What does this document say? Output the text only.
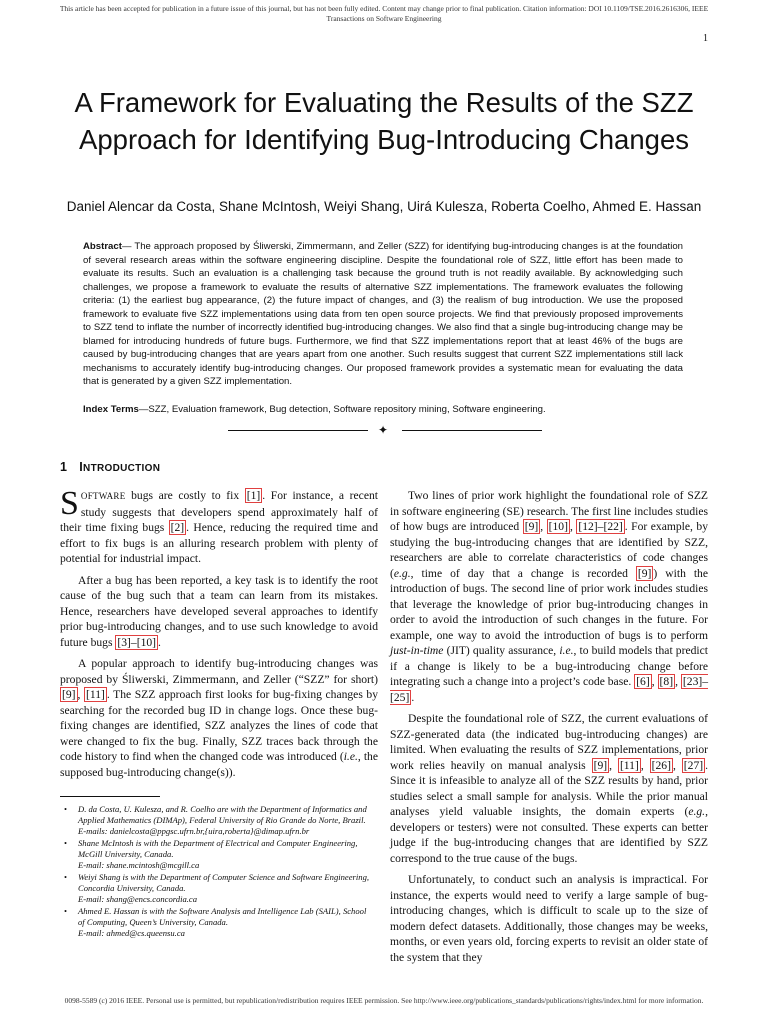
This article has been accepted for publication in a future issue of this journal, but has not been fully edited. Content may change prior to final publication. Citation information: DOI 10.1109/TSE.2016.2616306, IEEE
Transactions on Software Engineering
1
A Framework for Evaluating the Results of the SZZ Approach for Identifying Bug-Introducing Changes
Daniel Alencar da Costa, Shane McIntosh, Weiyi Shang, Uirá Kulesza, Roberta Coelho, Ahmed E. Hassan
Abstract— The approach proposed by Śliwerski, Zimmermann, and Zeller (SZZ) for identifying bug-introducing changes is at the foundation of several research areas within the software engineering discipline. Despite the foundational role of SZZ, little effort has been made to evaluate its results. Such an evaluation is a challenging task because the ground truth is not readily available. By acknowledging such challenges, we propose a framework to evaluate the results of alternative SZZ implementations. The framework evaluates the following criteria: (1) the earliest bug appearance, (2) the future impact of changes, and (3) the realism of bug introduction. We use the proposed framework to evaluate five SZZ implementations using data from ten open source projects. We find that previously proposed improvements to SZZ tend to inflate the number of incorrectly identified bug-introducing changes. We also find that a single bug-introducing change may be blamed for introducing hundreds of future bugs. Furthermore, we find that SZZ implementations report that at least 46% of the bugs are caused by bug-introducing changes that are years apart from one another. Such results suggest that current SZZ implementations still lack mechanisms to accurately identify bug-introducing changes. Our proposed framework provides a systematic mean for evaluating the data that is generated by a given SZZ implementation.
Index Terms—SZZ, Evaluation framework, Bug detection, Software repository mining, Software engineering.
✦
1 INTRODUCTION

SOFTWARE bugs are costly to fix [1] . For instance, a recent study suggests that developers spend approximately half of their time fixing bugs [2] . Hence, reducing the required time and effort to fix bugs is an alluring research problem with plenty of potential for industrial impact.

After a bug has been reported, a key task is to identify the root cause of the bug such that a team can learn from its mistakes. Hence, researchers have developed several approaches to identify prior bug-introducing changes, and to use such knowledge to avoid future bugs [3]–[10] .

A popular approach to identify bug-introducing changes was proposed by Śliwerski, Zimmermann, and Zeller (“SZZ” for short) [9] , [11] . The SZZ approach first looks for bug-fixing changes by searching for the recorded bug ID in change logs. Once these bug-fixing changes are identified, SZZ analyzes the lines of code that were changed to fix the bug. Finally, SZZ traces back through the code history to find when the changed code was introduced (i.e., the supposed bug-introducing change(s)).

• D. da Costa, U. Kulesza, and R. Coelho are with the Department of Informatics and Applied Mathematics (DIMAp), Federal University of Rio Grande do Norte, Brazil.
E-mails: danielcosta@ppgsc.ufrn.br,{uira,roberta}@dimap.ufrn.br
• Shane McIntosh is with the Department of Electrical and Computer Engineering, McGill University, Canada.
E-mail: shane.mcintosh@mcgill.ca
• Weiyi Shang is with the Department of Computer Science and Software Engineering, Concordia University, Canada.
E-mail: shang@encs.concordia.ca
• Ahmed E. Hassan is with the Software Analysis and Intelligence Lab (SAIL), School of Computing, Queen’s University, Canada.
E-mail: ahmed@cs.queensu.ca

Two lines of prior work highlight the foundational role of SZZ in software engineering (SE) research. The first line includes studies of how bugs are introduced [9] , [10] , [12]–[22] . For example, by studying the bug-introducing changes that are identified by SZZ, researchers are able to correlate characteristics of code changes (e.g., time of day that a change is recorded [9] ) with the introduction of bugs. The second line of prior work includes studies that leverage the knowledge of prior bug-introducing changes in order to avoid the introduction of such changes in the future. For example, one way to avoid the introduction of bugs is to perform just-in-time (JIT) quality assurance, i.e., to build models that predict if a change is likely to be a bug-introducing change before integrating such a change into a project’s code base. [6] , [8] , [23]–[25] .

Despite the foundational role of SZZ, the current evaluations of SZZ-generated data (the indicated bug-introducing changes) are limited. When evaluating the results of SZZ implementations, prior work relies heavily on manual analysis [9] , [11] , [26] , [27] . Since it is infeasible to analyze all of the SZZ results by hand, prior studies select a small sample for analysis. While the prior manual analyses yield valuable insights, the domain experts (e.g., developers or testers) were not consulted. These experts can better judge if the bug-introducing changes that are identified by SZZ correspond to the true cause of the bugs.

Unfortunately, to conduct such an analysis is impractical. For instance, the experts would need to verify a large sample of bug-introducing changes, which is difficult to scale up to the size of modern defect datasets. Additionally, those changes may be weeks, months, or even years old, forcing experts to revisit an older state of the system that they

0098-5589 (c) 2016 IEEE. Personal use is permitted, but republication/redistribution requires IEEE permission. See http://www.ieee.org/publications_standards/publications/rights/index.html for more information.
